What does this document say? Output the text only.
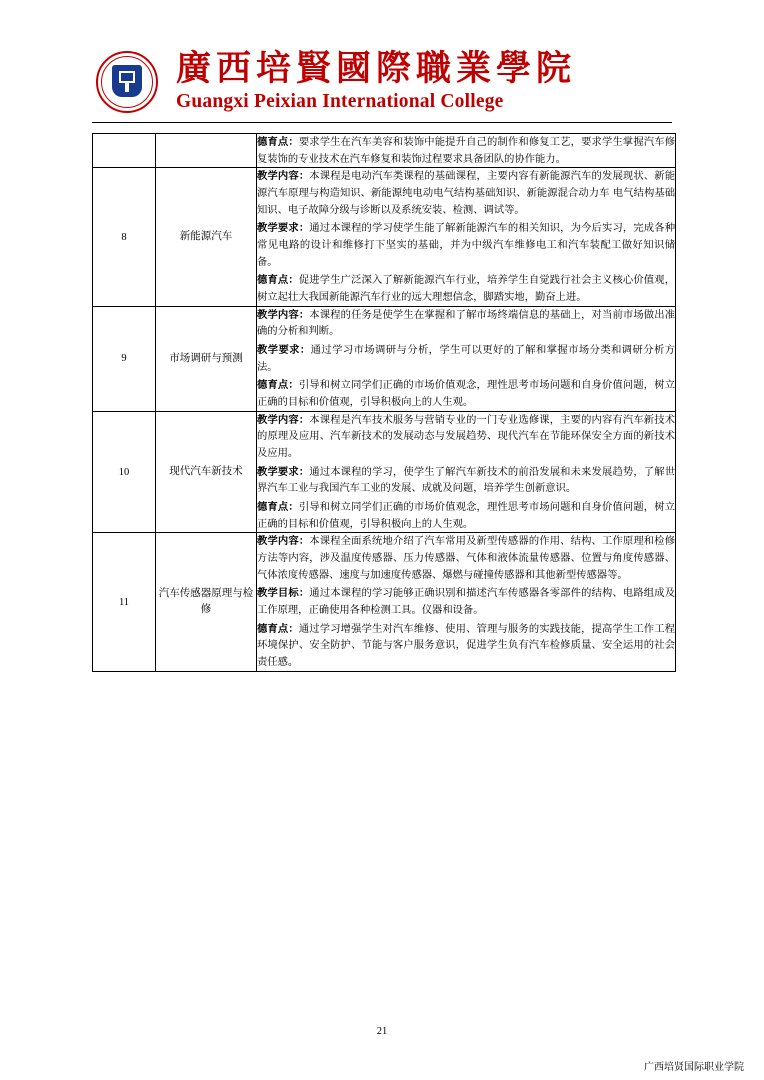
廣西培賢國際職業學院
Guangxi Peixian International College

		德育点：要求学生在汽车美容和装饰中能提升自己的制作和修复工艺，要求学生掌握汽车修复装饰的专业技术在汽车修复和装饰过程要求具备团队的协作能力。

8	新能源汽车	教学内容：本课程是电动汽车类课程的基础课程，主要内容有新能源汽车的发展现状、新能源汽车原理与构造知识、新能源纯电动电气结构基础知识、新能源混合动力车 电气结构基础知识、电子故障分级与诊断以及系统安装、检测、调试等。

教学要求：通过本课程的学习使学生能了解新能源汽车的相关知识，为今后实习，完成各种常见电路的设计和维修打下坚实的基础，并为中级汽车维修电工和汽车装配工做好知识储备。

德育点：促进学生广泛深入了解新能源汽车行业，培养学生自觉践行社会主义核心价值观，树立起壮大我国新能源汽车行业的远大理想信念，脚踏实地，勤奋上进。

9	市场调研与预测	教学内容：本课程的任务是使学生在掌握和了解市场终端信息的基础上，对当前市场做出准确的分析和判断。

教学要求：通过学习市场调研与分析，学生可以更好的了解和掌握市场分类和调研分析方法。

德育点：引导和树立同学们正确的市场价值观念，理性思考市场问题和自身价值问题，树立正确的目标和价值观，引导积极向上的人生观。

10	现代汽车新技术	教学内容：本课程是汽车技术服务与营销专业的一门专业选修课，主要的内容有汽车新技术的原理及应用、汽车新技术的发展动态与发展趋势、现代汽车在节能环保安全方面的新技术及应用。

教学要求：通过本课程的学习，使学生了解汽车新技术的前沿发展和未来发展趋势，了解世界汽车工业与我国汽车工业的发展、成就及问题，培养学生创新意识。

德育点：引导和树立同学们正确的市场价值观念，理性思考市场问题和自身价值问题，树立正确的目标和价值观，引导积极向上的人生观。

11	汽车传感器原理与检修	教学内容：本课程全面系统地介绍了汽车常用及新型传感器的作用、结构、工作原理和检修方法等内容，涉及温度传感器、压力传感器、气体和液体流量传感器、位置与角度传感器、气体浓度传感器、速度与加速度传感器、爆燃与碰撞传感器和其他新型传感器等。

教学目标：通过本课程的学习能够正确识别和描述汽车传感器各零部件的结构、电路组成及工作原理，正确使用各种检测工具。仪器和设备。

德育点：通过学习增强学生对汽车维修、使用、管理与服务的实践技能，提高学生工作工程环境保护、安全防护、节能与客户服务意识，促进学生负有汽车检修质量、安全运用的社会责任感。

21
广西培贤国际职业学院
